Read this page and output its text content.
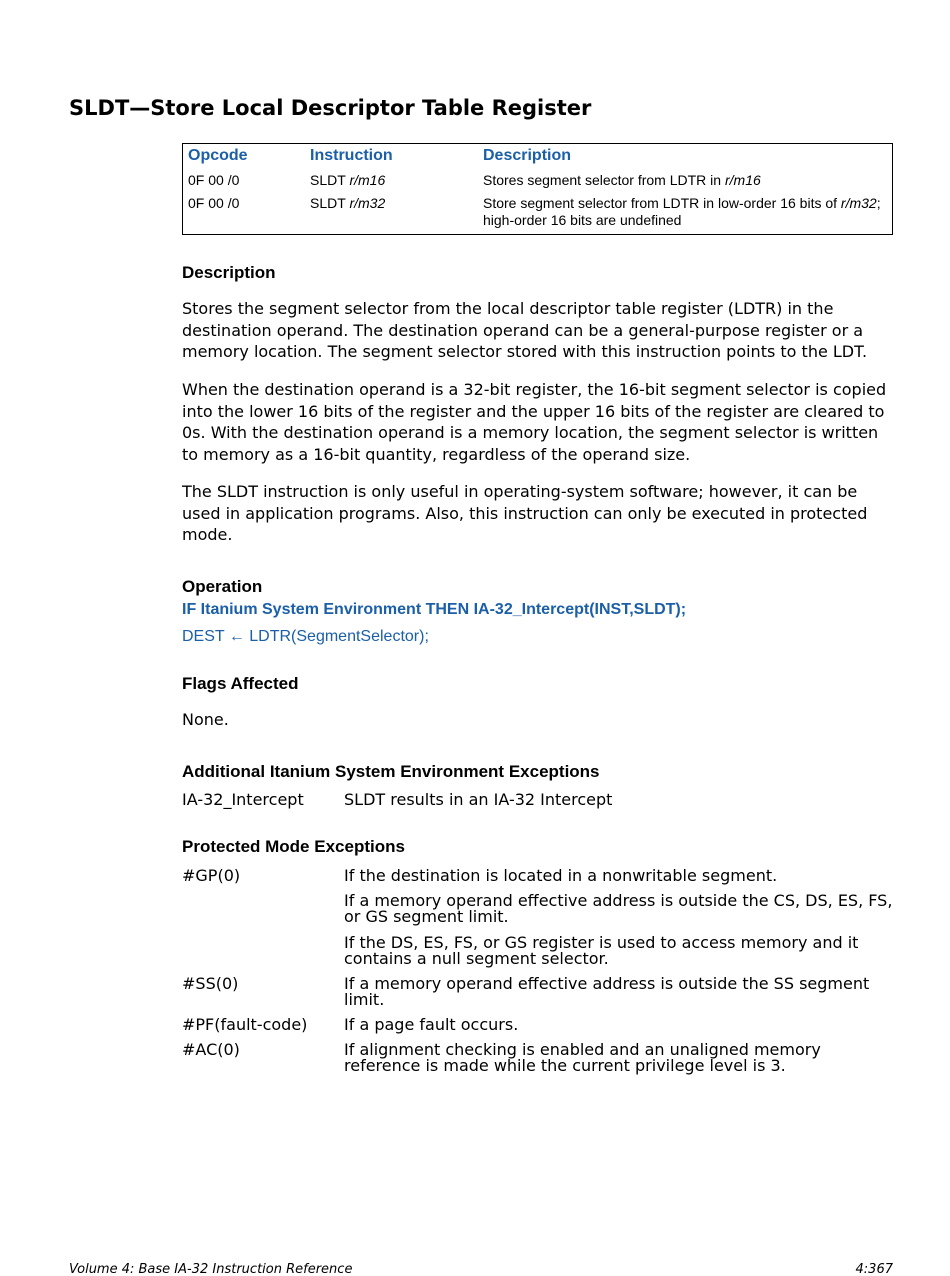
SLDT—Store Local Descriptor Table Register
Opcode	Instruction	Description
0F 00 /0	SLDT r/m16	Stores segment selector from LDTR in r/m16
0F 00 /0	SLDT r/m32	Store segment selector from LDTR in low-order 16 bits of r/m32; high-order 16 bits are undefined
Description
Stores the segment selector from the local descriptor table register (LDTR) in the destination operand. The destination operand can be a general-purpose register or a memory location. The segment selector stored with this instruction points to the LDT.
When the destination operand is a 32-bit register, the 16-bit segment selector is copied into the lower 16 bits of the register and the upper 16 bits of the register are cleared to 0s. With the destination operand is a memory location, the segment selector is written to memory as a 16-bit quantity, regardless of the operand size.
The SLDT instruction is only useful in operating-system software; however, it can be used in application programs. Also, this instruction can only be executed in protected mode.
Operation
IF Itanium System Environment THEN IA-32_Intercept(INST,SLDT);
DEST ← LDTR(SegmentSelector);
Flags Affected
None.
Additional Itanium System Environment Exceptions
IA-32_Intercept	SLDT results in an IA-32 Intercept
Protected Mode Exceptions
#GP(0)	If the destination is located in a nonwritable segment.
If a memory operand effective address is outside the CS, DS, ES, FS, or GS segment limit.
If the DS, ES, FS, or GS register is used to access memory and it contains a null segment selector.
#SS(0)	If a memory operand effective address is outside the SS segment limit.
#PF(fault-code) If a page fault occurs.
#AC(0)	If alignment checking is enabled and an unaligned memory reference is made while the current privilege level is 3.
Volume 4: Base IA-32 Instruction Reference	4:367
